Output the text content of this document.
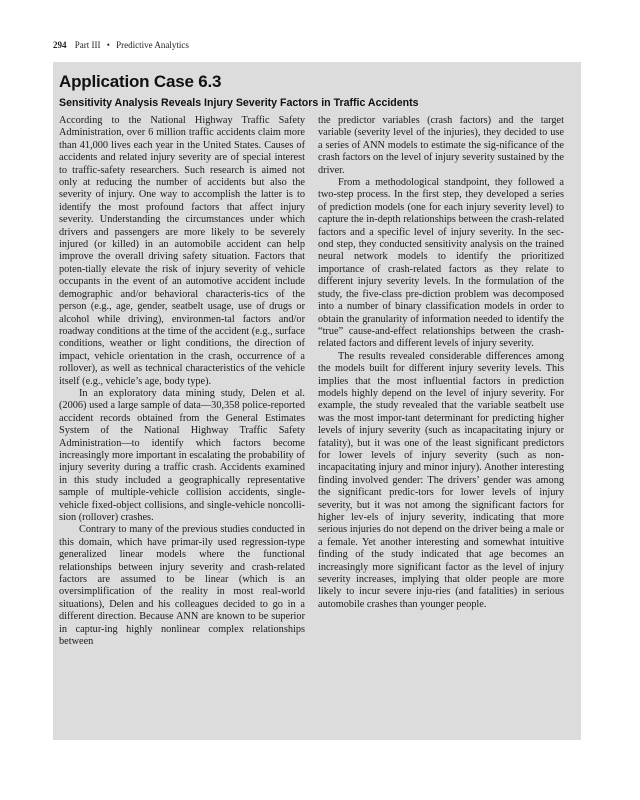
294 Part III • Predictive Analytics
Application Case 6.3
Sensitivity Analysis Reveals Injury Severity Factors in Traffic Accidents

According to the National Highway Traffic Safety Administration, over 6 million traffic accidents claim more than 41,000 lives each year in the United States. Causes of accidents and related injury severity are of special interest to traffic-safety researchers. Such research is aimed not only at reducing the number of accidents but also the severity of injury. One way to accomplish the latter is to identify the most profound factors that affect injury severity. Understanding the circumstances under which drivers and passengers are more likely to be severely injured (or killed) in an automobile accident can help improve the overall driving safety situation. Factors that poten-tially elevate the risk of injury severity of vehicle occupants in the event of an automotive accident include demographic and/or behavioral characteris-tics of the person (e.g., age, gender, seatbelt usage, use of drugs or alcohol while driving), environmen-tal factors and/or roadway conditions at the time of the accident (e.g., surface conditions, weather or light conditions, the direction of impact, vehicle orientation in the crash, occurrence of a rollover), as well as technical characteristics of the vehicle itself (e.g., vehicle’s age, body type).

In an exploratory data mining study, Delen et al. (2006) used a large sample of data—30,358 police-reported accident records obtained from the General Estimates System of the National Highway Traffic Safety Administration—to identify which factors become increasingly more important in escalating the probability of injury severity during a traffic crash. Accidents examined in this study included a geographically representative sample of multiple-vehicle collision accidents, single-vehicle fixed-object collisions, and single-vehicle noncolli-sion (rollover) crashes.

Contrary to many of the previous studies conducted in this domain, which have primar-ily used regression-type generalized linear models where the functional relationships between injury severity and crash-related factors are assumed to be linear (which is an oversimplification of the reality in most real-world situations), Delen and his colleagues decided to go in a different direction. Because ANN are known to be superior in captur-ing highly nonlinear complex relationships between

the predictor variables (crash factors) and the target variable (severity level of the injuries), they decided to use a series of ANN models to estimate the sig-nificance of the crash factors on the level of injury severity sustained by the driver.

From a methodological standpoint, they followed a two-step process. In the first step, they developed a series of prediction models (one for each injury severity level) to capture the in-depth relationships between the crash-related factors and a specific level of injury severity. In the sec-ond step, they conducted sensitivity analysis on the trained neural network models to identify the prioritized importance of crash-related factors as they relate to different injury severity levels. In the formulation of the study, the five-class pre-diction problem was decomposed into a number of binary classification models in order to obtain the granularity of information needed to identify the “true” cause-and-effect relationships between the crash-related factors and different levels of injury severity.

The results revealed considerable differences among the models built for different injury severity levels. This implies that the most influential factors in prediction models highly depend on the level of injury severity. For example, the study revealed that the variable seatbelt use was the most impor-tant determinant for predicting higher levels of injury severity (such as incapacitating injury or fatality), but it was one of the least significant predictors for lower levels of injury severity (such as non-incapacitating injury and minor injury). Another interesting finding involved gender: The drivers’ gender was among the significant predic-tors for lower levels of injury severity, but it was not among the significant factors for higher lev-els of injury severity, indicating that more serious injuries do not depend on the driver being a male or a female. Yet another interesting and somewhat intuitive finding of the study indicated that age becomes an increasingly more significant factor as the level of injury severity increases, implying that older people are more likely to incur severe inju-ries (and fatalities) in serious automobile crashes than younger people.
